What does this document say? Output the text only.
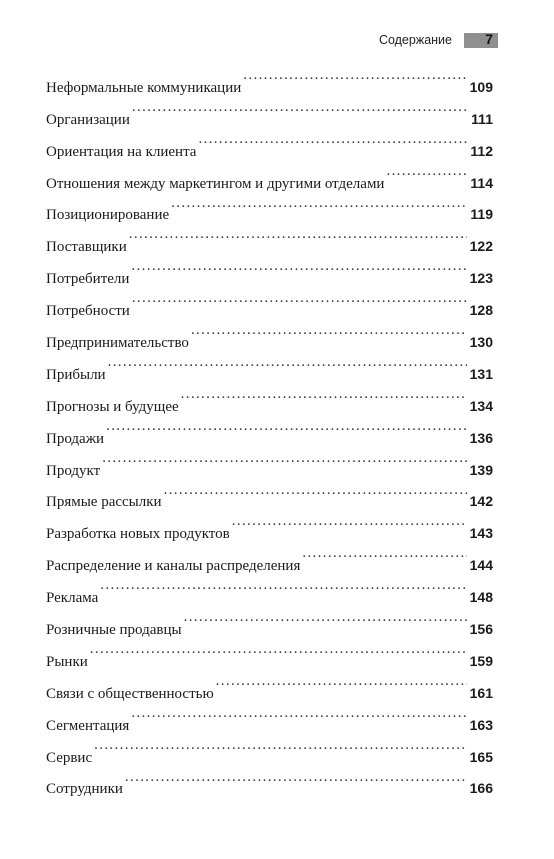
Содержание 7
Неформальные коммуникации . . .	109
Организации . . .	111
Ориентация на клиента . . .	112
Отношения между маркетингом и другими отделами . . .	114
Позиционирование . . .	119
Поставщики . . .	122
Потребители . . .	123
Потребности . . .	128
Предпринимательство . . .	130
Прибыли . . .	131
Прогнозы и будущее . . .	134
Продажи . . .	136
Продукт . . .	139
Прямые рассылки . . .	142
Разработка новых продуктов . . .	143
Распределение и каналы распределения . . .	144
Реклама . . .	148
Розничные продавцы . . .	156
Рынки . . .	159
Связи с общественностью . . .	161
Сегментация . . .	163
Сервис . . .	165
Сотрудники . . .	166
